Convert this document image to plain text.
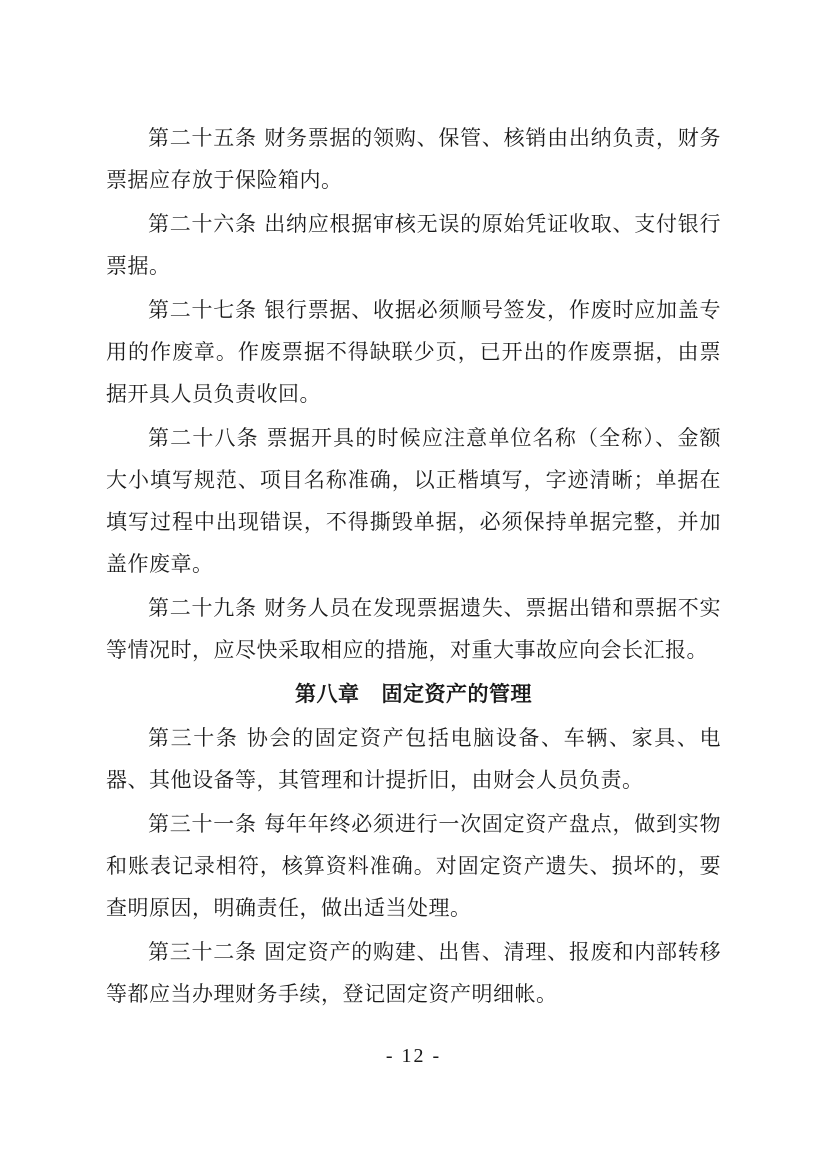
第二十五条 财务票据的领购、保管、核销由出纳负责，财务票据应存放于保险箱内。

第二十六条 出纳应根据审核无误的原始凭证收取、支付银行票据。

第二十七条 银行票据、收据必须顺号签发，作废时应加盖专用的作废章。作废票据不得缺联少页，已开出的作废票据，由票据开具人员负责收回。

第二十八条 票据开具的时候应注意单位名称（全称）、金额大小填写规范、项目名称准确，以正楷填写，字迹清晰；单据在填写过程中出现错误，不得撕毁单据，必须保持单据完整，并加盖作废章。

第二十九条 财务人员在发现票据遗失、票据出错和票据不实等情况时，应尽快采取相应的措施，对重大事故应向会长汇报。

第八章 固定资产的管理

第三十条 协会的固定资产包括电脑设备、车辆、家具、电器、其他设备等，其管理和计提折旧，由财会人员负责。

第三十一条 每年年终必须进行一次固定资产盘点，做到实物和账表记录相符，核算资料准确。对固定资产遗失、损坏的，要查明原因，明确责任，做出适当处理。

第三十二条 固定资产的购建、出售、清理、报废和内部转移等都应当办理财务手续，登记固定资产明细帐。

- 12 -
